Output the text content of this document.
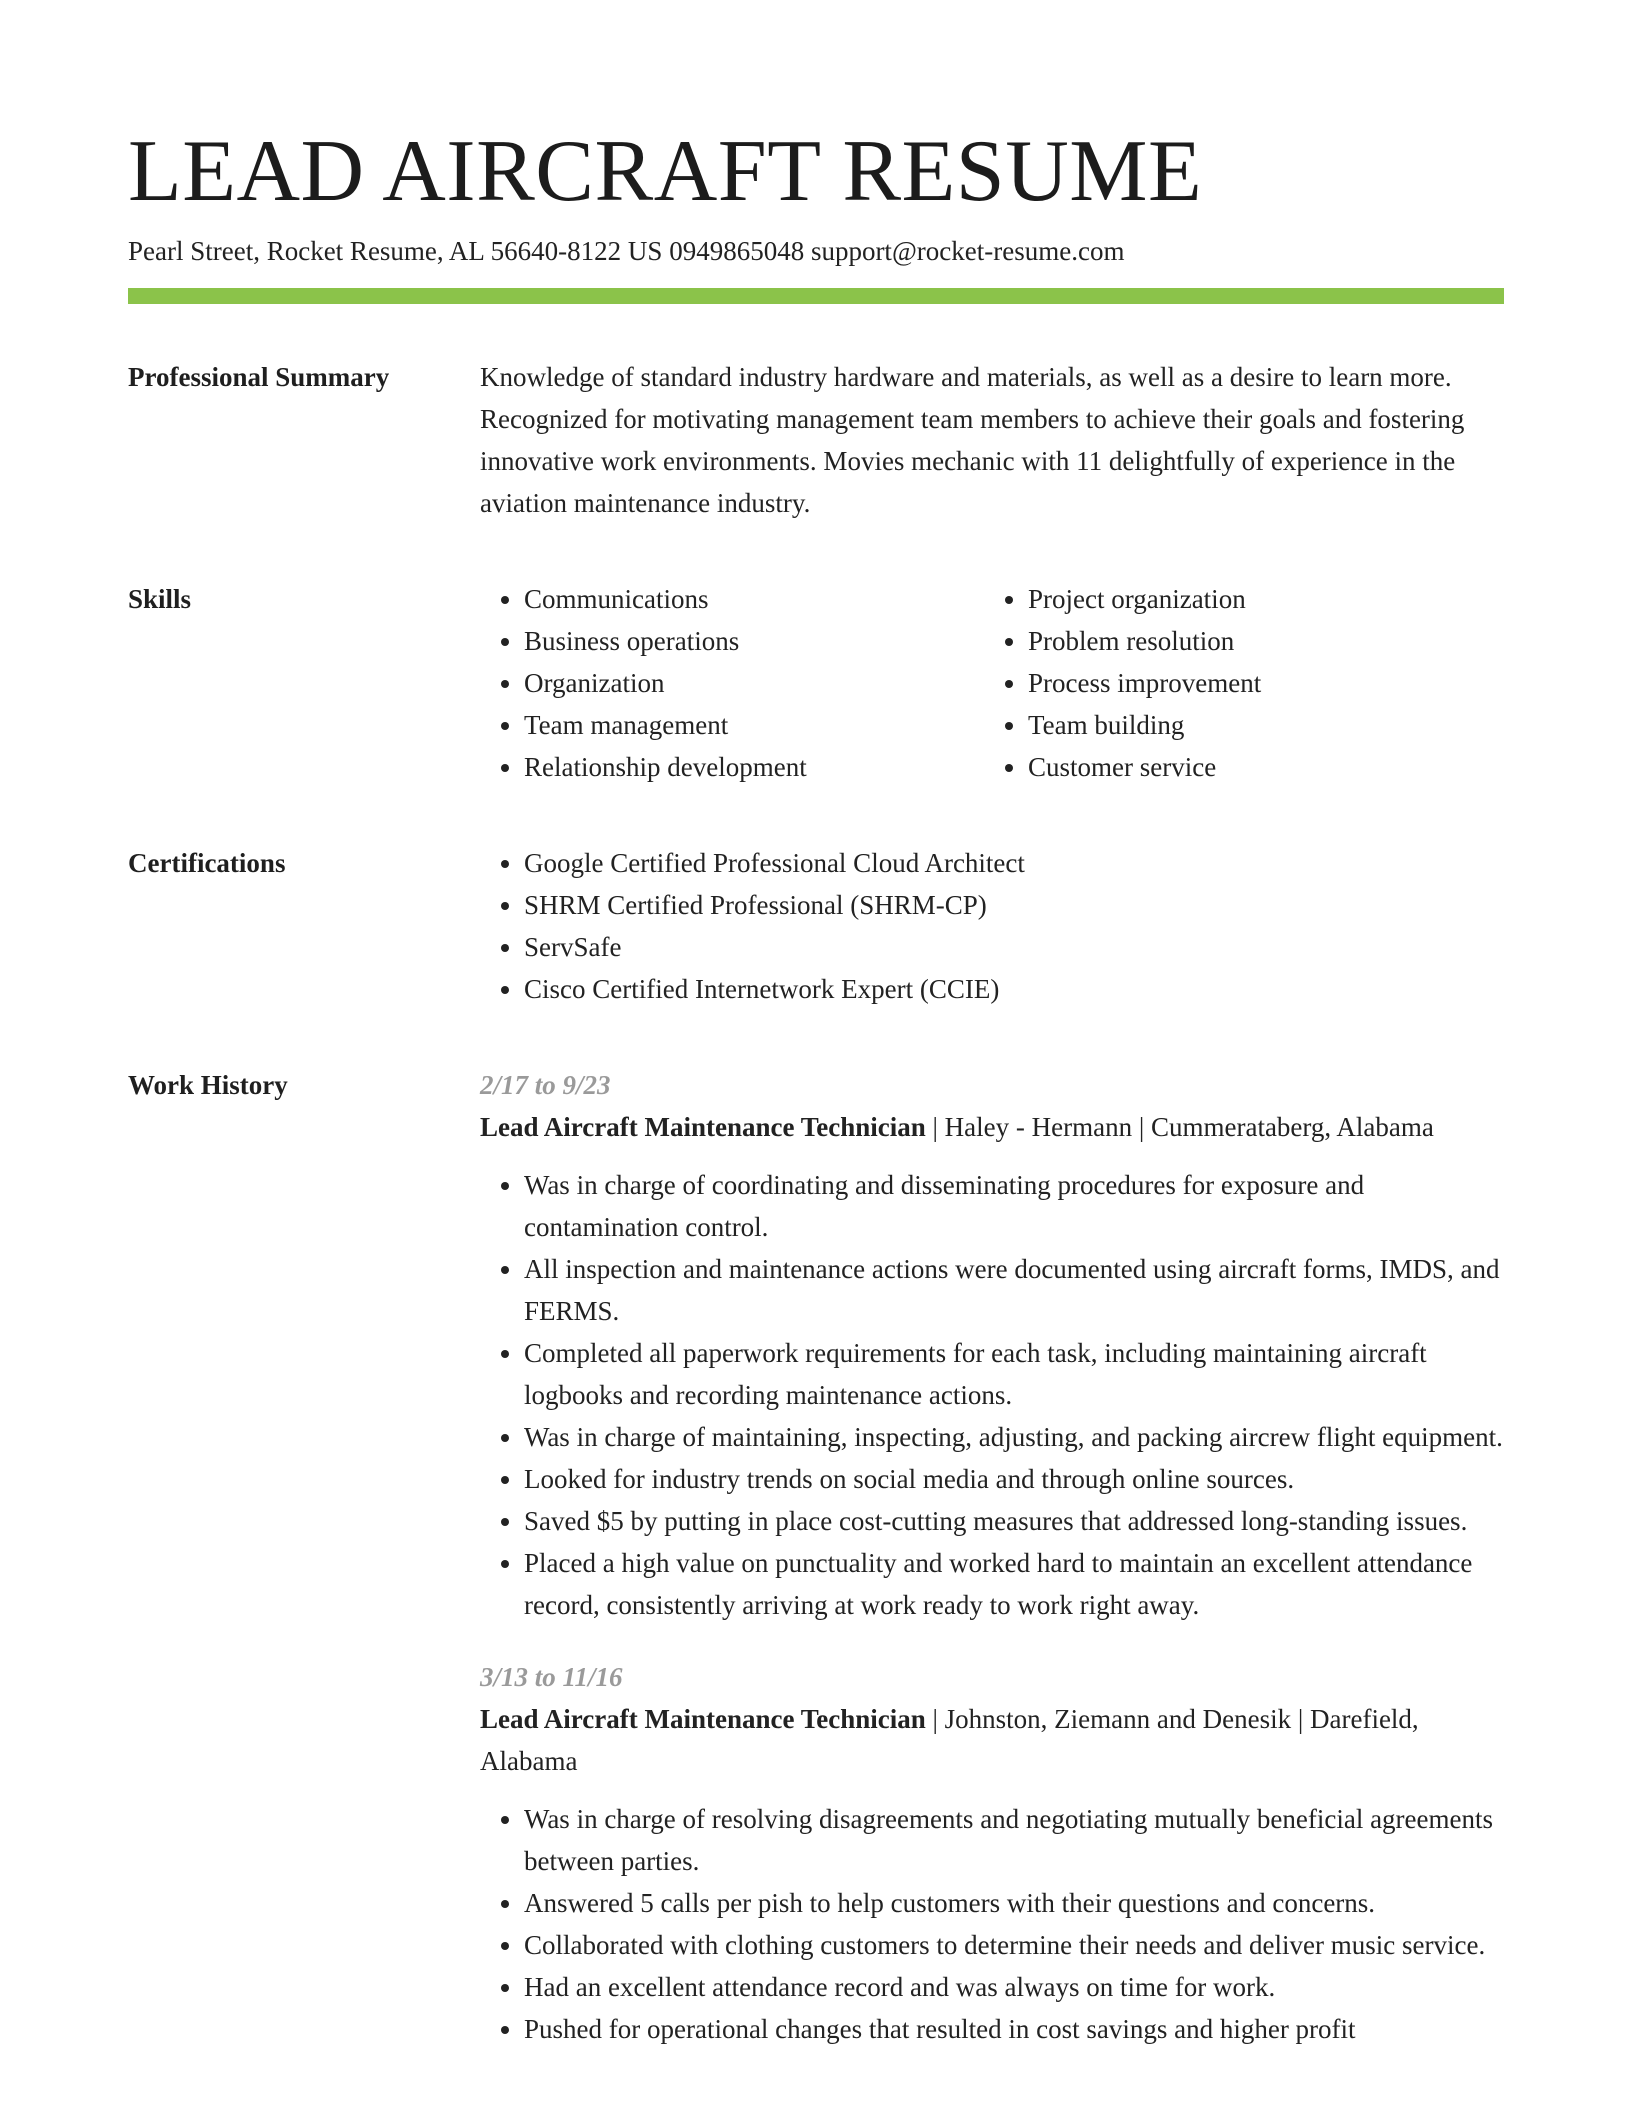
LEAD AIRCRAFT RESUME
Pearl Street, Rocket Resume, AL 56640-8122 US 0949865048 support@rocket-resume.com
Professional Summary	Knowledge of standard industry hardware and materials, as well as a desire to learn more. Recognized for motivating management team members to achieve their goals and fostering innovative work environments. Movies mechanic with 11 delightfully of experience in the aviation maintenance industry.

Skills	• Communications
• Business operations
• Organization
• Team management
• Relationship development
• Project organization
• Problem resolution
• Process improvement
• Team building
• Customer service
Certifications	• Google Certified Professional Cloud Architect
• SHRM Certified Professional (SHRM-CP)
• ServSafe
• Cisco Certified Internetwork Expert (CCIE)
Work History	2/17 to 9/23
Lead Aircraft Maintenance Technician | Haley - Hermann | Cummerataberg, Alabama
• Was in charge of coordinating and disseminating procedures for exposure and contamination control.
• All inspection and maintenance actions were documented using aircraft forms, IMDS, and FERMS.
• Completed all paperwork requirements for each task, including maintaining aircraft logbooks and recording maintenance actions.
• Was in charge of maintaining, inspecting, adjusting, and packing aircrew flight equipment.
• Looked for industry trends on social media and through online sources.
• Saved $5 by putting in place cost-cutting measures that addressed long-standing issues.
• Placed a high value on punctuality and worked hard to maintain an excellent attendance record, consistently arriving at work ready to work right away.
3/13 to 11/16
Lead Aircraft Maintenance Technician | Johnston, Ziemann and Denesik | Darefield, Alabama
• Was in charge of resolving disagreements and negotiating mutually beneficial agreements between parties.
• Answered 5 calls per pish to help customers with their questions and concerns.
• Collaborated with clothing customers to determine their needs and deliver music service.
• Had an excellent attendance record and was always on time for work.
• Pushed for operational changes that resulted in cost savings and higher profit
